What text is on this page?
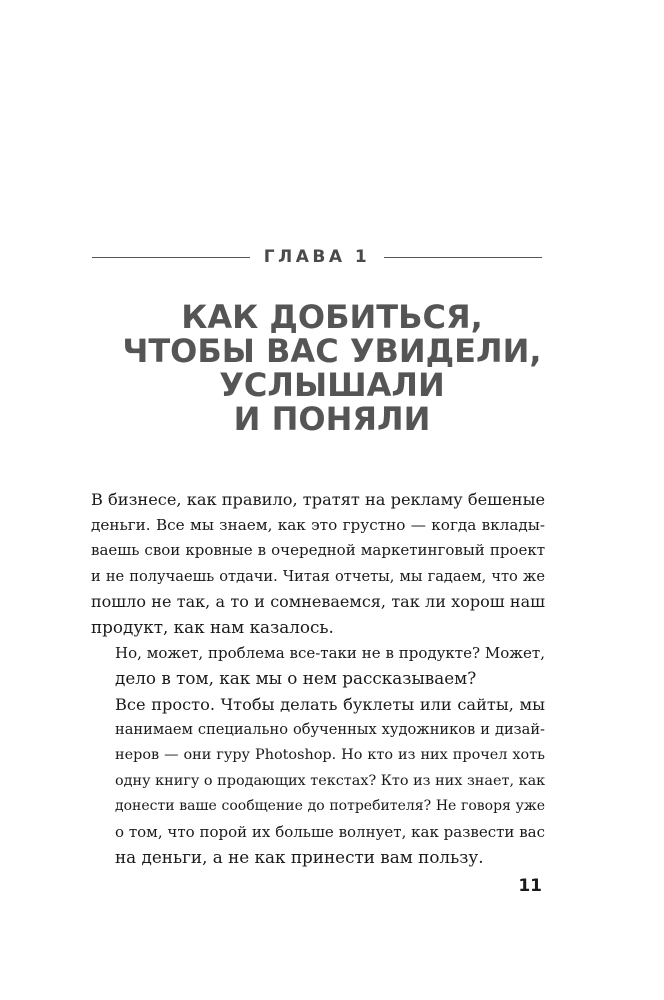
ГЛАВА 1
КАК ДОБИТЬСЯ,
ЧТОБЫ ВАС УВИДЕЛИ,
УСЛЫШАЛИ
И ПОНЯЛИ

В бизнесе, как правило, тратят на рекламу бешеные
деньги. Все мы знаем, как это грустно — когда вклады-
ваешь свои кровные в очередной маркетинговый проект
и не получаешь отдачи. Читая отчеты, мы гадаем, что же
пошло не так, а то и сомневаемся, так ли хорош наш
продукт, как нам казалось.

Но, может, проблема все-таки не в продукте? Может,
дело в том, как мы о нем рассказываем?

Все просто. Чтобы делать буклеты или сайты, мы
нанимаем специально обученных художников и дизай-
неров — они гуру Photoshop. Но кто из них прочел хоть
одну книгу о продающих текстах? Кто из них знает, как
донести ваше сообщение до потребителя? Не говоря уже
о том, что порой их больше волнует, как развести вас
на деньги, а не как принести вам пользу.

11
